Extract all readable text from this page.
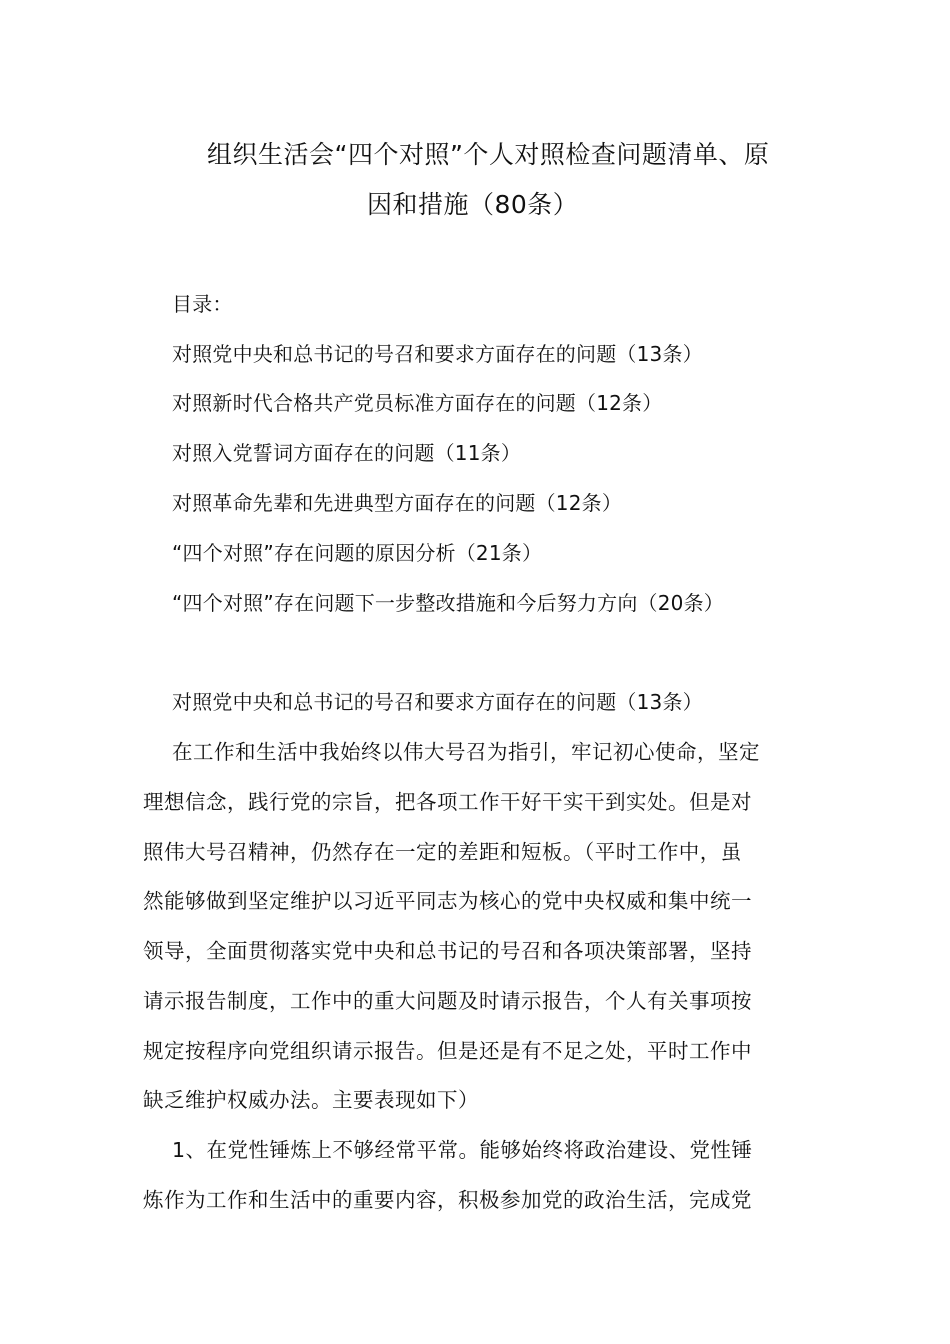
组织生活会“四个对照”个人对照检查问题清单、原
因和措施（80条）
目录：
对照党中央和总书记的号召和要求方面存在的问题（13条）
对照新时代合格共产党员标准方面存在的问题（12条）
对照入党誓词方面存在的问题（11条）
对照革命先辈和先进典型方面存在的问题（12条）
“四个对照”存在问题的原因分析（21条）
“四个对照”存在问题下一步整改措施和今后努力方向（20条）
对照党中央和总书记的号召和要求方面存在的问题（13条）
在工作和生活中我始终以伟大号召为指引，牢记初心使命，坚定
理想信念，践行党的宗旨，把各项工作干好干实干到实处。但是对
照伟大号召精神，仍然存在一定的差距和短板。（平时工作中，虽
然能够做到坚定维护以习近平同志为核心的党中央权威和集中统一
领导，全面贯彻落实党中央和总书记的号召和各项决策部署，坚持
请示报告制度，工作中的重大问题及时请示报告，个人有关事项按
规定按程序向党组织请示报告。但是还是有不足之处，平时工作中
缺乏维护权威办法。主要表现如下）
1、在党性锤炼上不够经常平常。能够始终将政治建设、党性锤
炼作为工作和生活中的重要内容，积极参加党的政治生活，完成党
